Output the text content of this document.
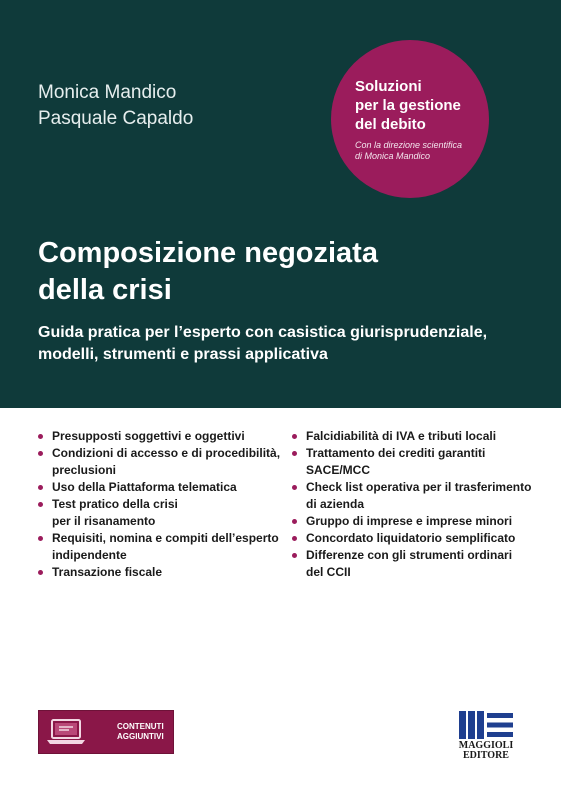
Monica Mandico
Pasquale Capaldo
Soluzioni
per la gestione
del debito
Con la direzione scientifica
di Monica Mandico
Composizione negoziata
della crisi
Guida pratica per l’esperto con casistica giurisprudenziale,
modelli, strumenti e prassi applicativa
Presupposti soggettivi e oggettivi
Condizioni di accesso e di procedibilità,
preclusioni
Uso della Piattaforma telematica
Test pratico della crisi
per il risanamento
Requisiti, nomina e compiti dell’esperto
indipendente
Transazione fiscale
Falcidiabilità di IVA e tributi locali
Trattamento dei crediti garantiti
SACE/MCC
Check list operativa per il trasferimento
di azienda
Gruppo di imprese e imprese minori
Concordato liquidatorio semplificato
Differenze con gli strumenti ordinari
del CCII
CONTENUTI
AGGIUNTIVI
MAGGIOLI
EDITORE
